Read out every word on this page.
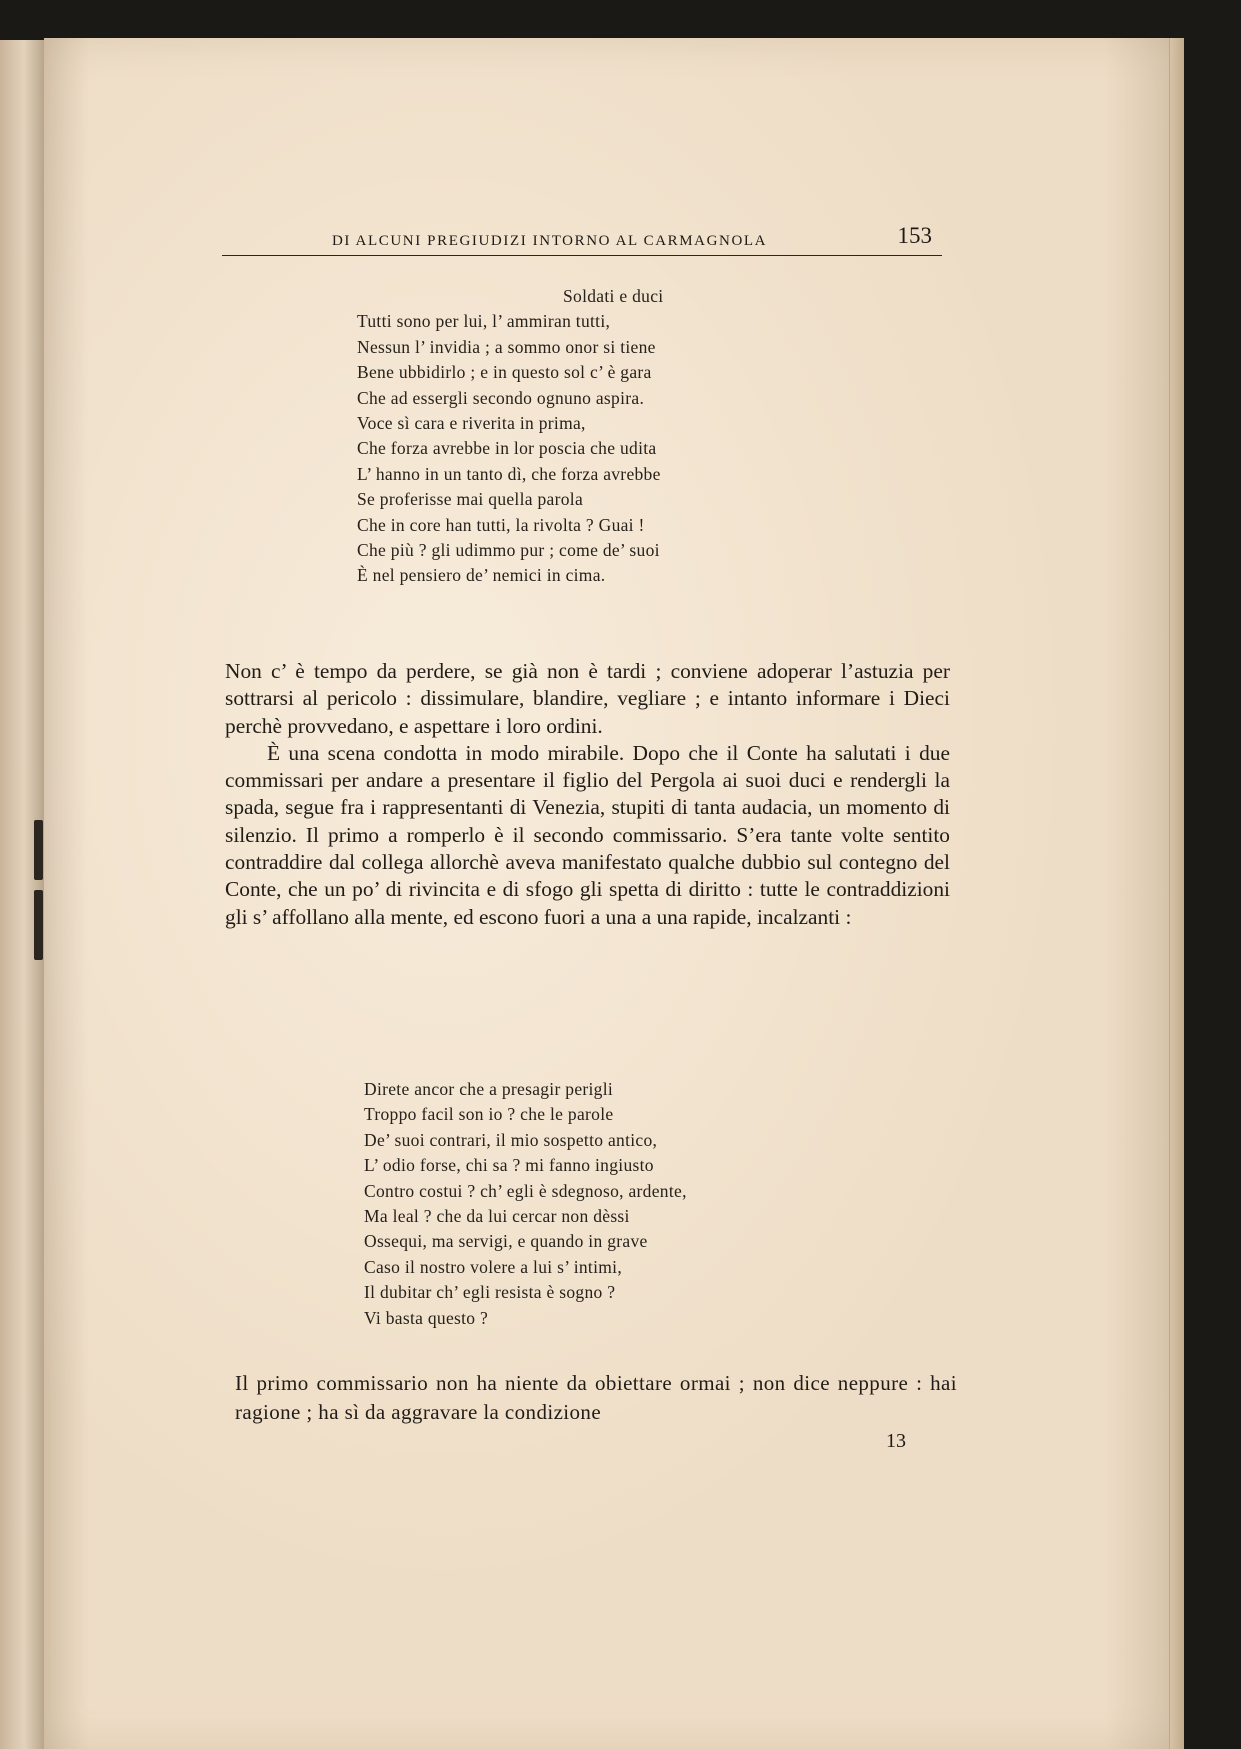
DI ALCUNI PREGIUDIZI INTORNO AL CARMAGNOLA	153
Soldati e duci
Tutti sono per lui, l’ ammiran tutti,
Nessun l’ invidia ; a sommo onor si tiene
Bene ubbidirlo ; e in questo sol c’ è gara
Che ad essergli secondo ognuno aspira.
Voce sì cara e riverita in prima,
Che forza avrebbe in lor poscia che udita
L’ hanno in un tanto dì, che forza avrebbe
Se proferisse mai quella parola
Che in core han tutti, la rivolta ? Guai !
Che più ? gli udimmo pur ; come de’ suoi
È nel pensiero de’ nemici in cima.

Non c’ è tempo da perdere, se già non è tardi ; conviene adoperar l’astuzia per sottrarsi al pericolo : dissimulare, blandire, vegliare ; e intanto informare i Dieci perchè provvedano, e aspettare i loro ordini.

È una scena condotta in modo mirabile. Dopo che il Conte ha salutati i due commissari per andare a presentare il figlio del Pergola ai suoi duci e rendergli la spada, segue fra i rappresentanti di Venezia, stupiti di tanta audacia, un momento di silenzio. Il primo a romperlo è il secondo commissario. S’era tante volte sentito contraddire dal collega allorchè aveva manifestato qualche dubbio sul contegno del Conte, che un po’ di rivincita e di sfogo gli spetta di diritto : tutte le contraddizioni gli s’ affollano alla mente, ed escono fuori a una a una rapide, incalzanti :

Direte ancor che a presagir perigli
Troppo facil son io ? che le parole
De’ suoi contrari, il mio sospetto antico,
L’ odio forse, chi sa ? mi fanno ingiusto
Contro costui ? ch’ egli è sdegnoso, ardente,
Ma leal ? che da lui cercar non dèssi
Ossequi, ma servigi, e quando in grave
Caso il nostro volere a lui s’ intimi,
Il dubitar ch’ egli resista è sogno ?
Vi basta questo ?

Il primo commissario non ha niente da obiettare ormai ; non dice neppure : hai ragione ; ha sì da aggravare la condizione

13
